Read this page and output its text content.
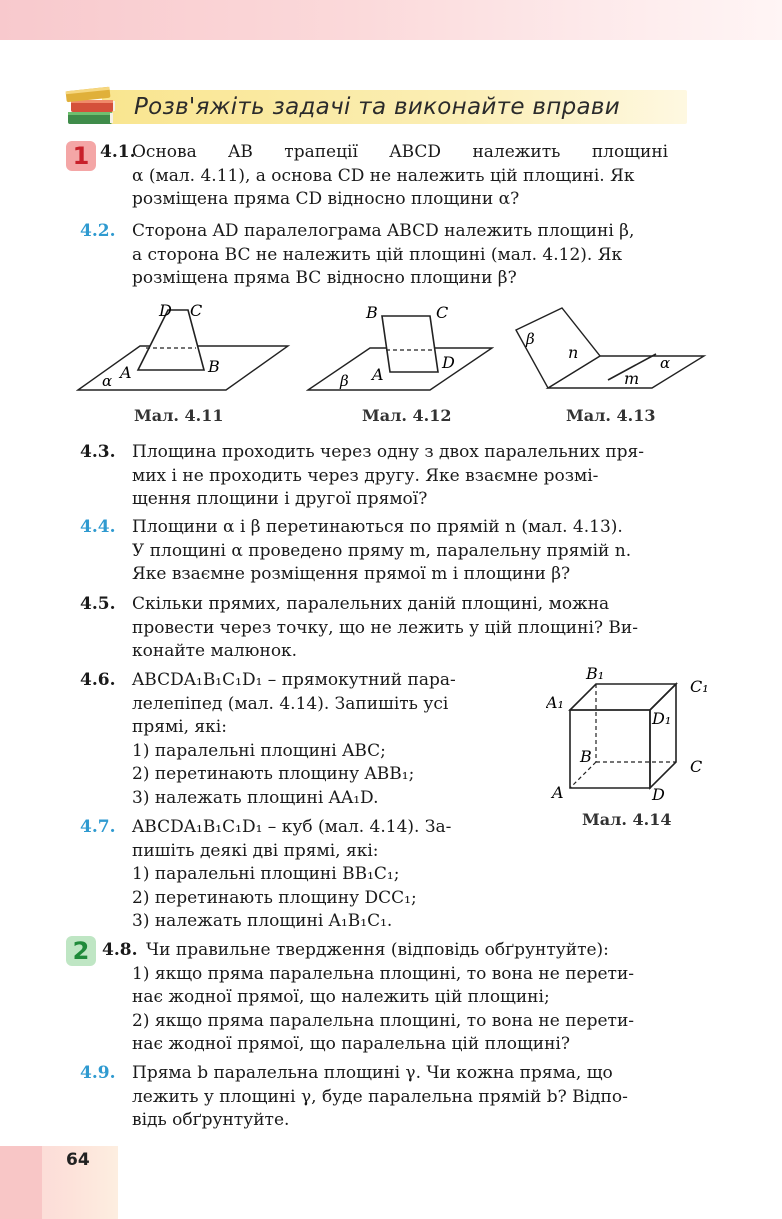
Розв'яжіть задачі та виконайте вправи
1 4.1.
Основа AB трапеції ABCD належить площині
α (мал. 4.11), а основа CD не належить цій площині. Як
розміщена пряма CD відносно площини α?
4.2. Сторона AD паралелограма ABCD належить площині β,
а сторона BC не належить цій площині (мал. 4.12). Як
розміщена пряма BC відносно площини β?
D C
A	B
α
Мал. 4.11
B	C
A
D
β
Мал. 4.12
β
n
m
α
Мал. 4.13
4.3. Площина проходить через одну з двох паралельних пря-
мих і не проходить через другу. Яке взаємне розмі-
щення площини і другої прямої?
4.4. Площини α і β перетинаються по прямій n (мал. 4.13).
У площині α проведено пряму m, паралельну прямій n.
Яке взаємне розміщення прямої m і площини β?
4.5. Скільки прямих, паралельних даній площині, можна
провести через точку, що не лежить у цій площині? Ви-
конайте малюнок.
4.6. ABCDA₁B₁C₁D₁ – прямокутний пара-
лелепіпед (мал. 4.14). Запишіть усі
прямі, які:
1) паралельні площині ABC;
2) перетинають площину ABB₁;
3) належать площині AA₁D.
B₁
C₁
A₁
D₁
B
C
A	D
Мал. 4.14
4.7. ABCDA₁B₁C₁D₁ – куб (мал. 4.14). За-
пишіть деякі дві прямі, які:
1) паралельні площині BB₁C₁;
2) перетинають площину DCC₁;
3) належать площині A₁B₁C₁.
2 4.8. Чи правильне твердження (відповідь обґрунтуйте):
1) якщо пряма паралельна площині, то вона не перети-
нає жодної прямої, що належить цій площині;
2) якщо пряма паралельна площині, то вона не перети-
нає жодної прямої, що паралельна цій площині?
4.9. Пряма b паралельна площині γ. Чи кожна пряма, що
лежить у площині γ, буде паралельна прямій b? Відпо-
відь обґрунтуйте.
64
